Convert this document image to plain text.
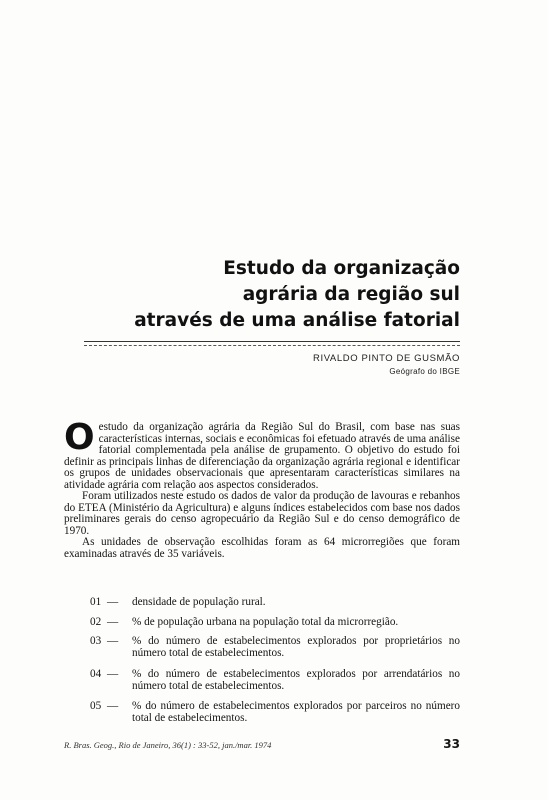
Estudo da organização
agrária da região sul
através de uma análise fatorial
RIVALDO PINTO DE GUSMÃO
Geógrafo do IBGE

Oestudo da organização agrária da Região Sul do Brasil, com base nas suas características internas, sociais e econômicas foi efetuado através de uma análise fatorial complementada pela análise de grupamento. O objetivo do estudo foi definir as principais linhas de diferenciação da organização agrária regional e identificar os grupos de unidades observacionais que apresentaram características similares na atividade agrária com relação aos aspectos considerados.

Foram utilizados neste estudo os dados de valor da produção de lavouras e rebanhos do ETEA (Ministério da Agricultura) e alguns índices estabelecidos com base nos dados preliminares gerais do censo agropecuário da Região Sul e do censo demográfico de 1970.

As unidades de observação escolhidas foram as 64 microrregiões que foram examinadas através de 35 variáveis.

01 — densidade de população rural.
02 — % de população urbana na população total da microrregião.
03 — % do número de estabelecimentos explorados por proprietários no número total de estabelecimentos.
04 — % do número de estabelecimentos explorados por arrendatários no número total de estabelecimentos.
05 — % do número de estabelecimentos explorados por parceiros no número total de estabelecimentos.
R. Bras. Geog., Rio de Janeiro, 36(1) : 33-52, jan./mar. 1974	33
